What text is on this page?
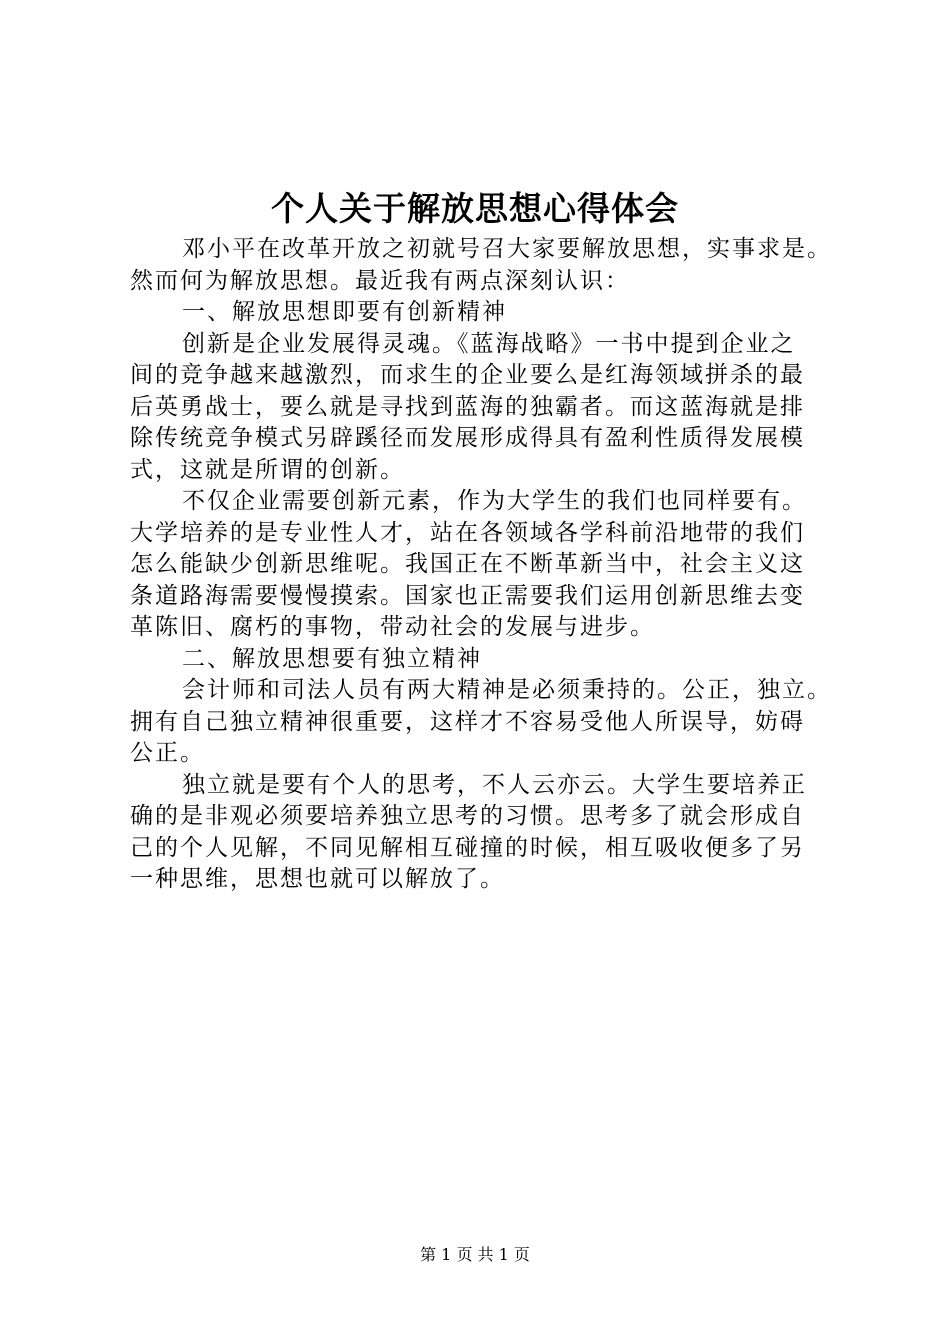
个人关于解放思想心得体会
邓小平在改革开放之初就号召大家要解放思想，实事求是。
然而何为解放思想。最近我有两点深刻认识：
一、解放思想即要有创新精神
创新是企业发展得灵魂。《蓝海战略》一书中提到企业之
间的竞争越来越激烈，而求生的企业要么是红海领域拼杀的最
后英勇战士，要么就是寻找到蓝海的独霸者。而这蓝海就是排
除传统竞争模式另辟蹊径而发展形成得具有盈利性质得发展模
式，这就是所谓的创新。
不仅企业需要创新元素，作为大学生的我们也同样要有。
大学培养的是专业性人才，站在各领域各学科前沿地带的我们
怎么能缺少创新思维呢。我国正在不断革新当中，社会主义这
条道路海需要慢慢摸索。国家也正需要我们运用创新思维去变
革陈旧、腐朽的事物，带动社会的发展与进步。
二、解放思想要有独立精神
会计师和司法人员有两大精神是必须秉持的。公正，独立。
拥有自己独立精神很重要，这样才不容易受他人所误导，妨碍
公正。
独立就是要有个人的思考，不人云亦云。大学生要培养正
确的是非观必须要培养独立思考的习惯。思考多了就会形成自
己的个人见解，不同见解相互碰撞的时候，相互吸收便多了另
一种思维，思想也就可以解放了。
第 1 页 共 1 页
